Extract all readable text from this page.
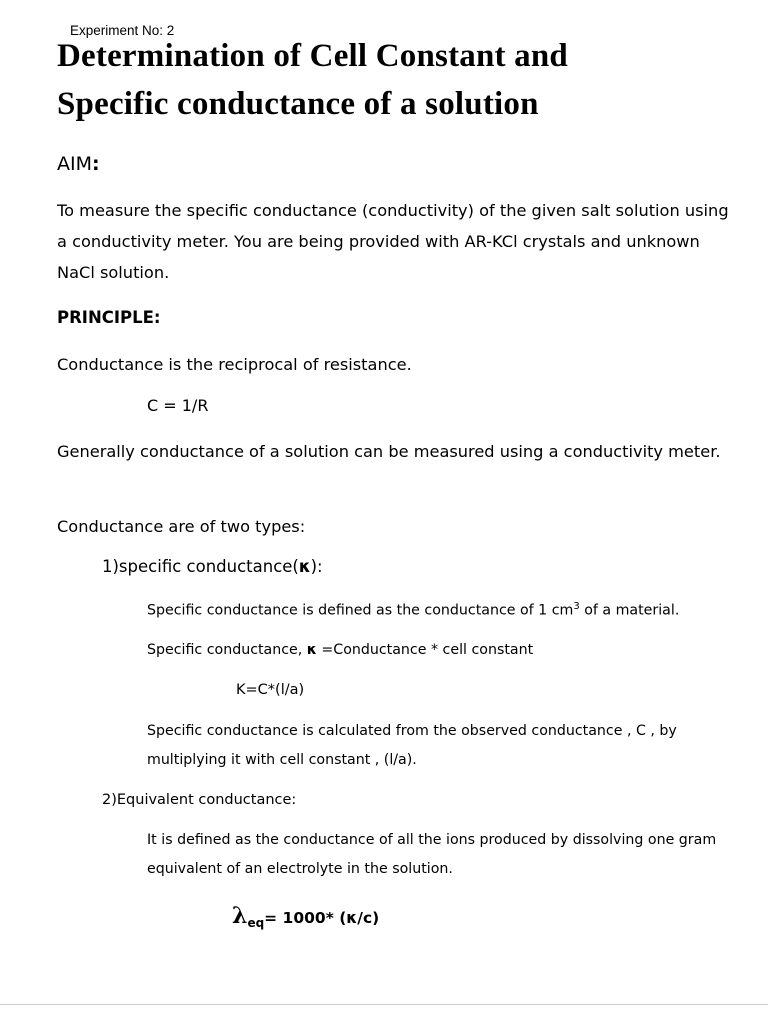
Experiment No: 2
Determination of Cell Constant and
Specific conductance of a solution
AIM:
To measure the specific conductance (conductivity) of the given salt solution using a conductivity meter. You are being provided with AR-KCl crystals and unknown NaCl solution.
PRINCIPLE:
Conductance is the reciprocal of resistance.
C = 1/R
Generally conductance of a solution can be measured using a conductivity meter.
Conductance are of two types:
1)specific conductance(κ):
Specific conductance is defined as the conductance of 1 $cm^3$ of a material.
Specific conductance, κ =Conductance * cell constant
K=C*(l/a)
Specific conductance is calculated from the observed conductance , C , by multiplying it with cell constant , (l/a).
2)Equivalent conductance:
It is defined as the conductance of all the ions produced by dissolving one gram equivalent of an electrolyte in the solution.
$\lambda_{eq}= 1000*$ (κ/c)
